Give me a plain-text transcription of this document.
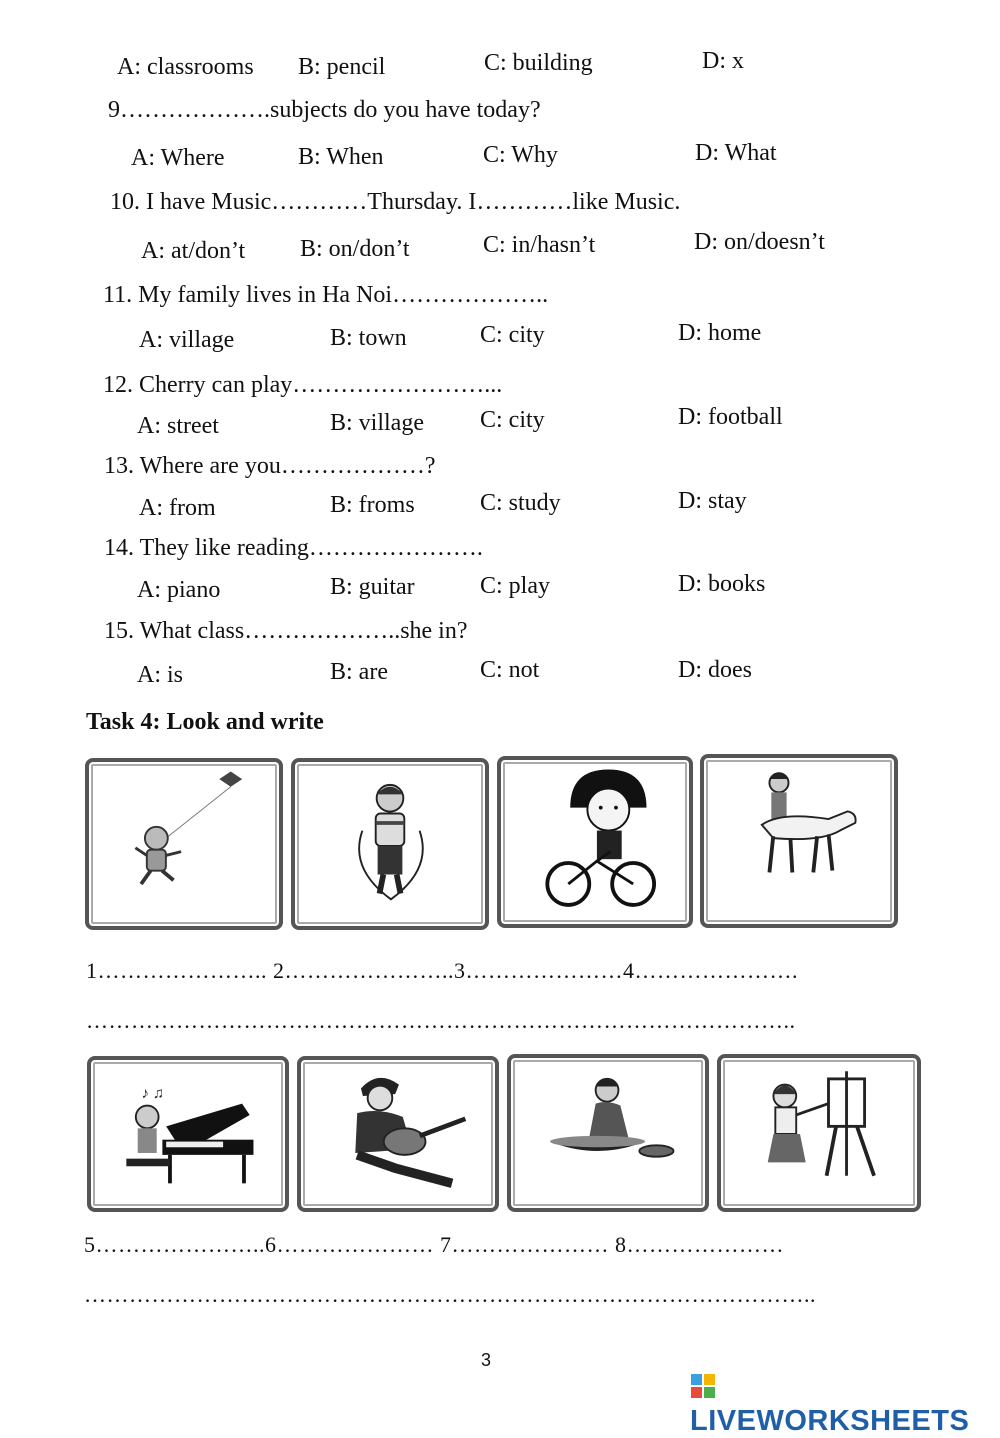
A: classrooms B: pencil	C: building	D: x
9……………….subjects do you have today?
A: Where	B: When	C: Why	D: What
10. I have Music…………Thursday. I…………like Music.
A: at/don’t B: on/don’t	C: in/hasn’t	D: on/doesn’t
11. My family lives in Ha Noi………………..
A: village	B: town	C: city	D: home
12. Cherry can play……………………...
A: street	B: village C: city	D: football
13. Where are you………………?
A: from	B: froms	C: study	D: stay
14. They like reading………………….
A: piano	B: guitar	C: play	D: books
15. What class………………..she in?
A: is	B: are	C: not	D: does
Task 4: Look and write
1………………….. 2…………………..3…………………4………………….
…………………………………………………………………………………..
♪ ♫
5…………………..6………………… 7………………… 8…………………
……………………………………………………………………………………..
3
LIVEWORKSHEETS
